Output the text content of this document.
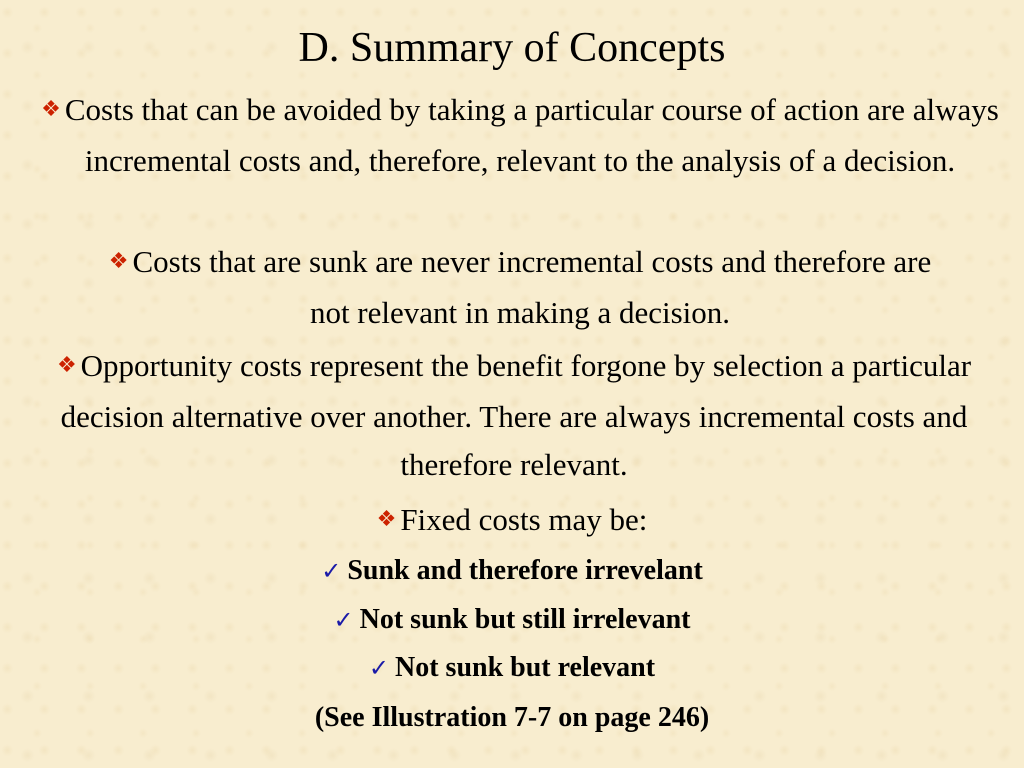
D. Summary of Concepts
❖ Costs that can be avoided by taking a particular course of action are always incremental costs and, therefore, relevant to the analysis of a decision.
❖ Costs that are sunk are never incremental costs and therefore are not relevant in making a decision.
❖ Opportunity costs represent the benefit forgone by selection a particular decision alternative over another. There are always incremental costs and therefore relevant.
❖ Fixed costs may be:
✓ Sunk and therefore irrevelant
✓ Not sunk but still irrelevant
✓ Not sunk but relevant
(See Illustration 7-7 on page 246)
